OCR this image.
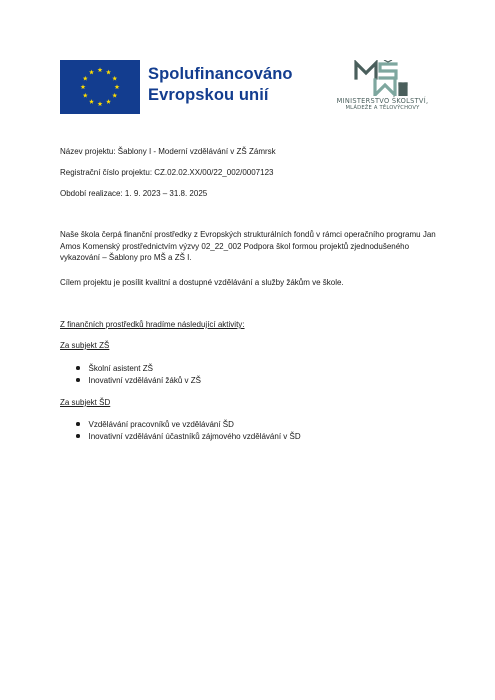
Spolufinancováno
Evropskou unií	MINISTERSTVO ŠKOLSTVÍ,
MLÁDEŽE A TĚLOVÝCHOVY
Název projektu: Šablony I - Moderní vzdělávání v ZŠ Zámrsk
Registrační číslo projektu: CZ.02.02.XX/00/22_002/0007123
Období realizace: 1. 9. 2023 – 31.8. 2025
Naše škola čerpá finanční prostředky z Evropských strukturálních fondů v rámci operačního programu Jan Amos Komenský prostřednictvím výzvy 02_22_002 Podpora škol formou projektů zjednodušeného vykazování – Šablony pro MŠ a ZŠ I.
Cílem projektu je posílit kvalitní a dostupné vzdělávání a služby žákům ve škole.
Z finančních prostředků hradíme následující aktivity:
Za subjekt ZŠ
Školní asistent ZŠ
Inovativní vzdělávání žáků v ZŠ
Za subjekt ŠD
Vzdělávání pracovníků ve vzdělávání ŠD
Inovativní vzdělávání účastníků zájmového vzdělávání v ŠD
